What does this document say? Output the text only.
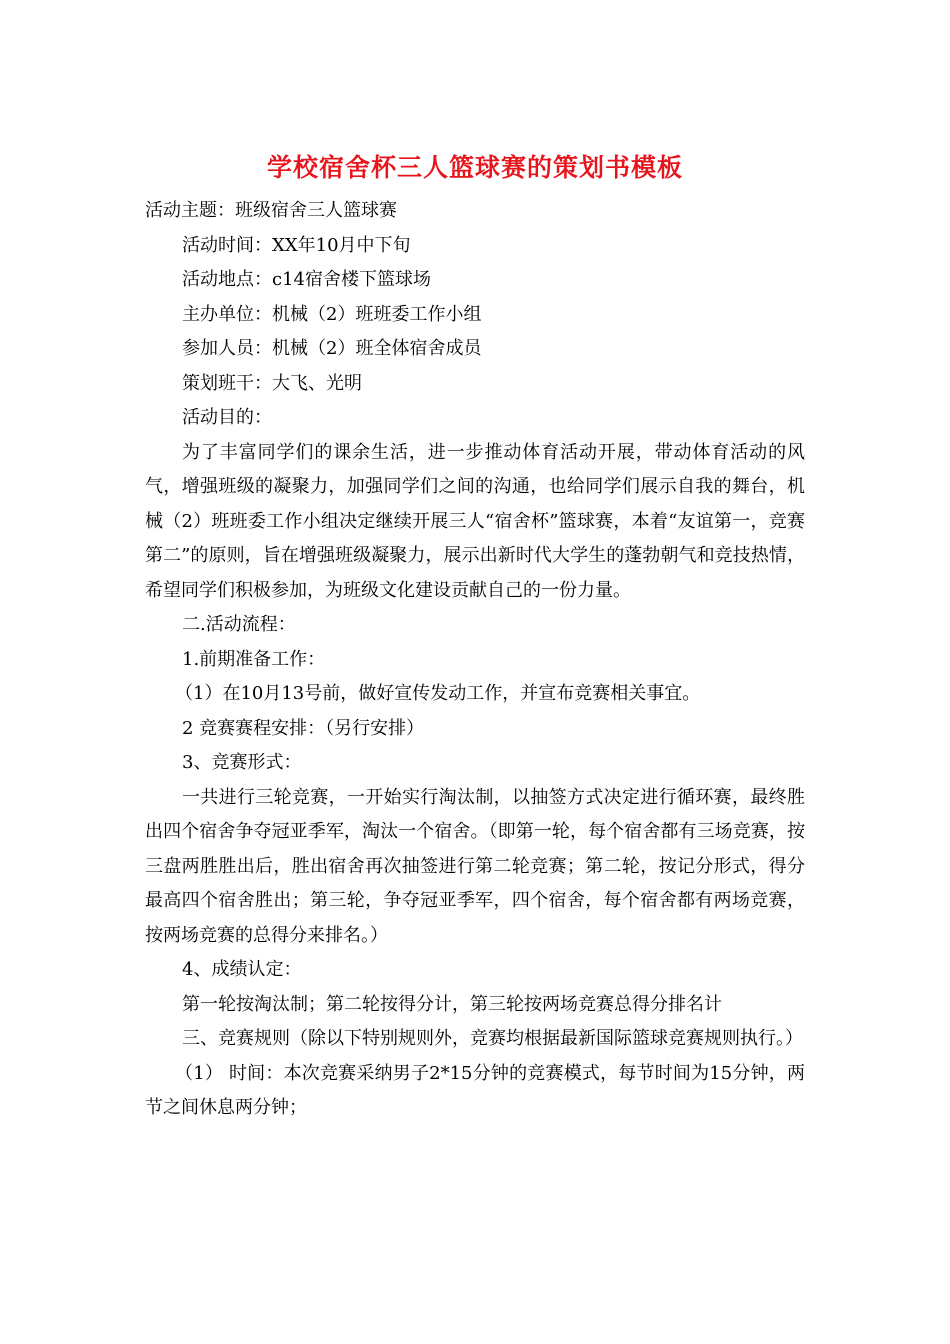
学校宿舍杯三人篮球赛的策划书模板

活动主题：班级宿舍三人篮球赛

活动时间：XX年10月中下旬

活动地点：c14宿舍楼下篮球场

主办单位：机械（2）班班委工作小组

参加人员：机械（2）班全体宿舍成员

策划班干：大飞、光明

活动目的：

为了丰富同学们的课余生活，进一步推动体育活动开展，带动体育活动的风气，增强班级的凝聚力，加强同学们之间的沟通，也给同学们展示自我的舞台，机械（2）班班委工作小组决定继续开展三人“宿舍杯”篮球赛，本着“友谊第一，竞赛第二”的原则，旨在增强班级凝聚力，展示出新时代大学生的蓬勃朝气和竞技热情，希望同学们积极参加，为班级文化建设贡献自己的一份力量。

二.活动流程：

1.前期准备工作：

（1）在10月13号前，做好宣传发动工作，并宣布竞赛相关事宜。

2 竞赛赛程安排：（另行安排）

3、竞赛形式：

一共进行三轮竞赛，一开始实行淘汰制，以抽签方式决定进行循环赛，最终胜出四个宿舍争夺冠亚季军，淘汰一个宿舍。（即第一轮，每个宿舍都有三场竞赛，按三盘两胜胜出后，胜出宿舍再次抽签进行第二轮竞赛；第二轮，按记分形式，得分最高四个宿舍胜出；第三轮，争夺冠亚季军，四个宿舍，每个宿舍都有两场竞赛，按两场竞赛的总得分来排名。）

4、成绩认定：

第一轮按淘汰制；第二轮按得分计，第三轮按两场竞赛总得分排名计

三、竞赛规则（除以下特别规则外，竞赛均根据最新国际篮球竞赛规则执行。）

（1） 时间：本次竞赛采纳男子2*15分钟的竞赛模式，每节时间为15分钟，两节之间休息两分钟；
